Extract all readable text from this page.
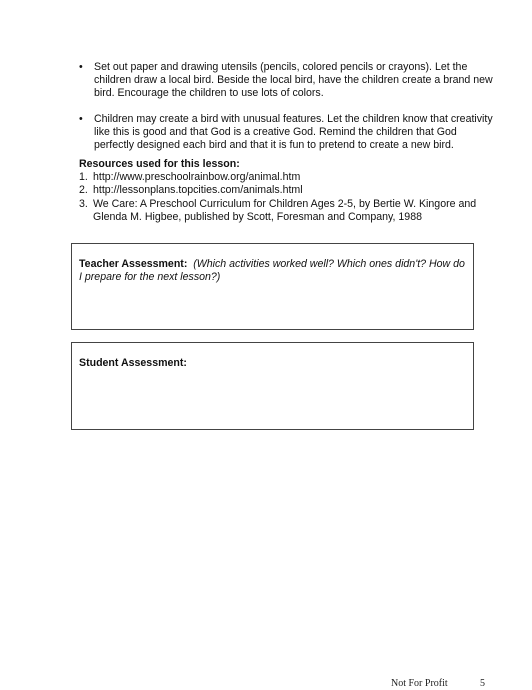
• Set out paper and drawing utensils (pencils, colored pencils or crayons). Let the children draw a local bird. Beside the local bird, have the children create a brand new bird. Encourage the children to use lots of colors.
• Children may create a bird with unusual features. Let the children know that creativity like this is good and that God is a creative God. Remind the children that God perfectly designed each bird and that it is fun to pretend to create a new bird.

Resources used for this lesson:

1. http://www.preschoolrainbow.org/animal.htm
2. http://lessonplans.topcities.com/animals.html
3. We Care: A Preschool Curriculum for Children Ages 2-5, by Bertie W. Kingore and Glenda M. Higbee, published by Scott, Foresman and Company, 1988
Teacher Assessment: (Which activities worked well? Which ones didn't? How do I prepare for the next lesson?)
Student Assessment:
Not For Profit	5
